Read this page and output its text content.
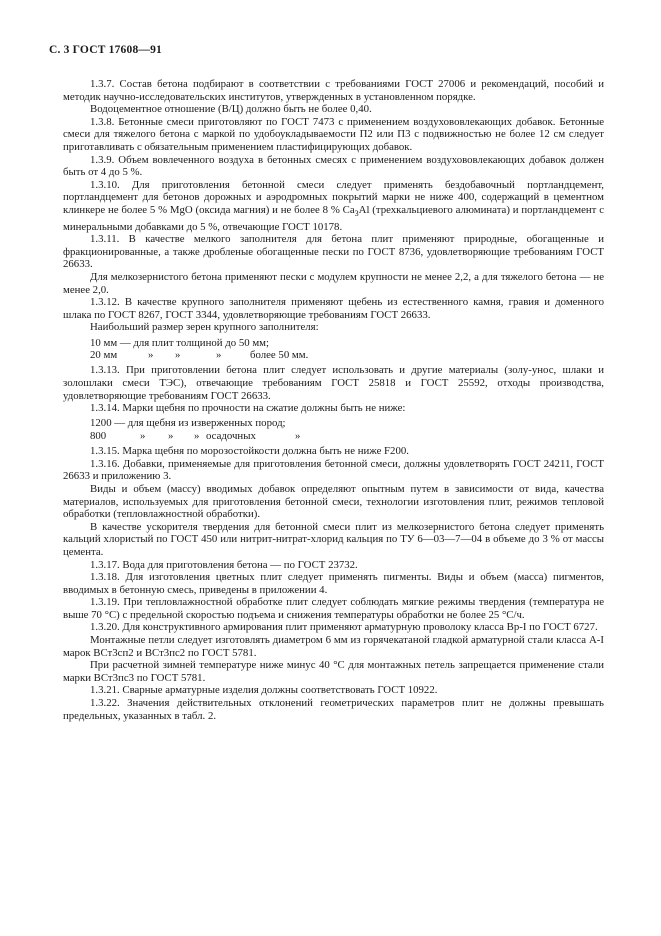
С. 3 ГОСТ 17608—91

1.3.7. Состав бетона подбирают в соответствии с требованиями ГОСТ 27006 и рекомендаций, пособий и методик научно-исследовательских институтов, утвержденных в установленном порядке.

Водоцементное отношение (В/Ц) должно быть не более 0,40.

1.3.8. Бетонные смеси приготовляют по ГОСТ 7473 с применением воздухововлекающих добавок. Бетонные смеси для тяжелого бетона с маркой по удобоукладываемости П2 или П3 с подвижностью не более 12 см следует приготавливать с обязательным применением пластифицирующих добавок.

1.3.9. Объем вовлеченного воздуха в бетонных смесях с применением воздухововлекающих добавок должен быть от 4 до 5 %.

1.3.10. Для приготовления бетонной смеси следует применять бездобавочный портландцемент, портландцемент для бетонов дорожных и аэродромных покрытий марки не ниже 400, содержащий в цементном клинкере не более 5 % MgO (оксида магния) и не более 8 % $Ca_3Al$ (трехкальциевого алюмината) и портландцемент с минеральными добавками до 5 %, отвечающие ГОСТ 10178.

1.3.11. В качестве мелкого заполнителя для бетона плит применяют природные, обогащенные и фракционированные, а также дробленые обогащенные пески по ГОСТ 8736, удовлетворяющие требованиям ГОСТ 26633.

Для мелкозернистого бетона применяют пески с модулем крупности не менее 2,2, а для тяжелого бетона — не менее 2,0.

1.3.12. В качестве крупного заполнителя применяют щебень из естественного камня, гравия и доменного шлака по ГОСТ 8267, ГОСТ 3344, удовлетворяющие требованиям ГОСТ 26633.

Наибольший размер зерен крупного заполнителя:

10 мм — для плит толщиной до 50 мм;

20 мм	» »	»	более 50 мм.

1.3.13. При приготовлении бетона плит следует использовать и другие материалы (золу-унос, шлаки и золошлаки смеси ТЭС), отвечающие требованиям ГОСТ 25818 и ГОСТ 25592, отходы производства, удовлетворяющие требованиям ГОСТ 26633.

1.3.14. Марки щебня по прочности на сжатие должны быть не ниже:

1200 — для щебня из изверженных пород;

800	» » » осадочных	»

1.3.15. Марка щебня по морозостойкости должна быть не ниже F200.

1.3.16. Добавки, применяемые для приготовления бетонной смеси, должны удовлетворять ГОСТ 24211, ГОСТ 26633 и приложению 3.

Виды и объем (массу) вводимых добавок определяют опытным путем в зависимости от вида, качества материалов, используемых для приготовления бетонной смеси, технологии изготовления плит, режимов тепловой обработки (тепловлажностной обработки).

В качестве ускорителя твердения для бетонной смеси плит из мелкозернистого бетона следует применять кальций хлористый по ГОСТ 450 или нитрит-нитрат-хлорид кальция по ТУ 6—03—7—04 в объеме до 3 % от массы цемента.

1.3.17. Вода для приготовления бетона — по ГОСТ 23732.

1.3.18. Для изготовления цветных плит следует применять пигменты. Виды и объем (масса) пигментов, вводимых в бетонную смесь, приведены в приложении 4.

1.3.19. При тепловлажностной обработке плит следует соблюдать мягкие режимы твердения (температура не выше 70 °С) с предельной скоростью подъема и снижения температуры обработки не более 25 °С/ч.

1.3.20. Для конструктивного армирования плит применяют арматурную проволоку класса Вр-I по ГОСТ 6727.

Монтажные петли следует изготовлять диаметром 6 мм из горячекатаной гладкой арматурной стали класса А-I марок ВСт3сп2 и ВСт3пс2 по ГОСТ 5781.

При расчетной зимней температуре ниже минус 40 °С для монтажных петель запрещается применение стали марки ВСт3пс3 по ГОСТ 5781.

1.3.21. Сварные арматурные изделия должны соответствовать ГОСТ 10922.

1.3.22. Значения действительных отклонений геометрических параметров плит не должны превышать предельных, указанных в табл. 2.
